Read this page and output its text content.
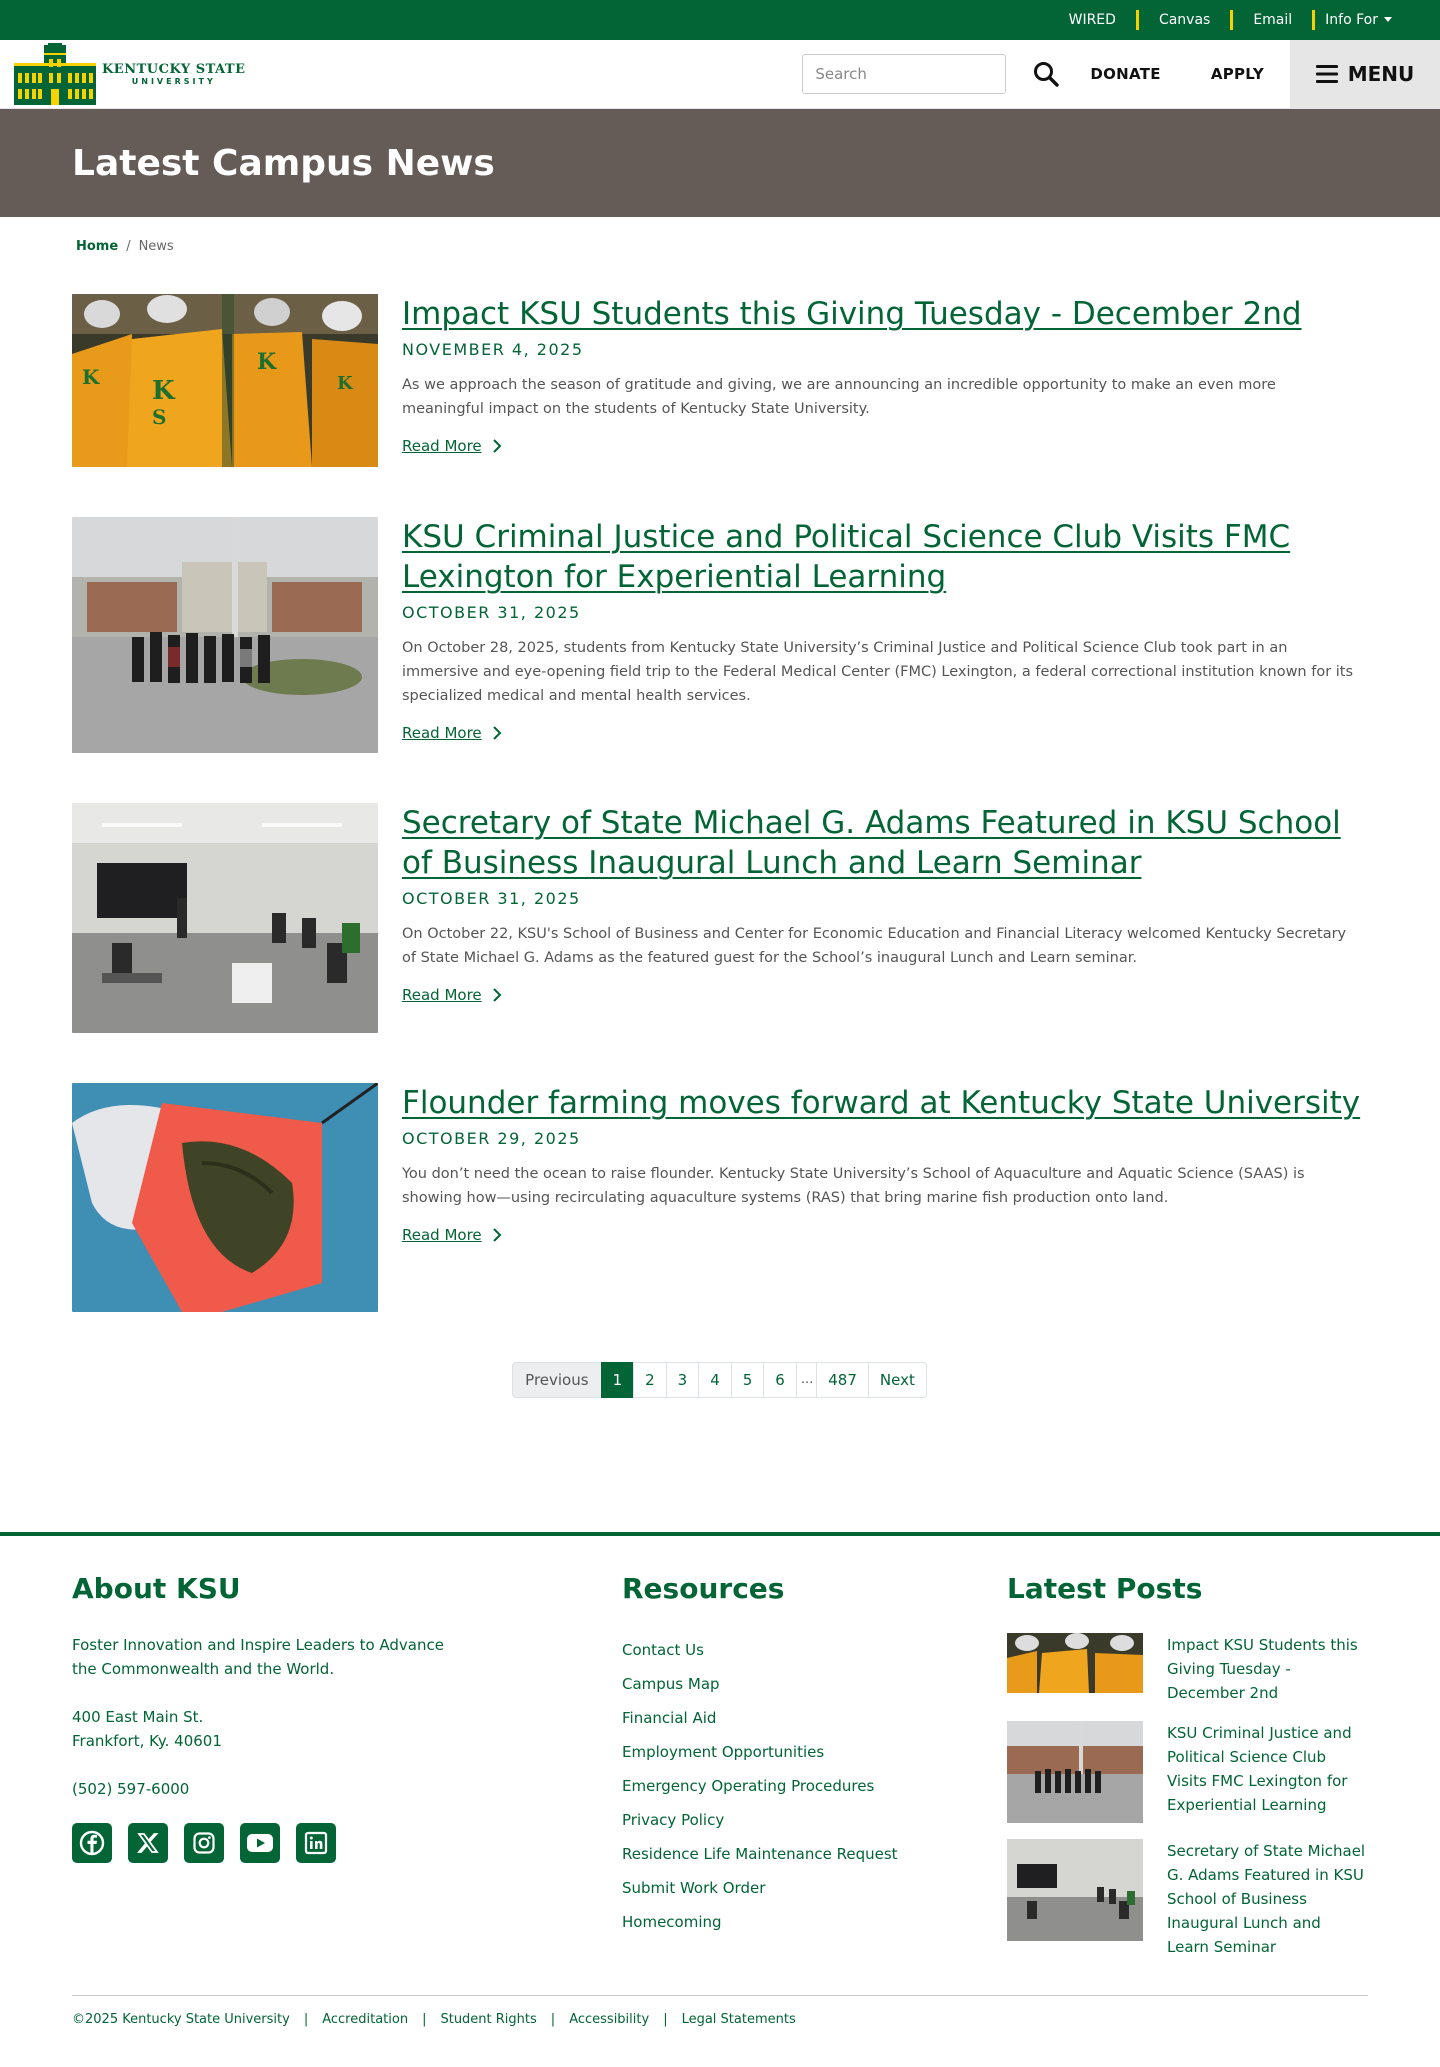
WIRED	Canvas	Email	Info For
KENTUCKY STATE
UNIVERSITY
Search	DONATE	APPLY	MENU
Latest Campus News
Home / News
K
S
K
K	K
Impact KSU Students this Giving Tuesday - December 2nd
NOVEMBER 4, 2025

As we approach the season of gratitude and giving, we are announcing an incredible opportunity to make an even more meaningful impact on the students of Kentucky State University.

Read More
KSU Criminal Justice and Political Science Club Visits FMC Lexington for Experiential Learning
OCTOBER 31, 2025

On October 28, 2025, students from Kentucky State University’s Criminal Justice and Political Science Club took part in an immersive and eye-opening field trip to the Federal Medical Center (FMC) Lexington, a federal correctional institution known for its specialized medical and mental health services.

Read More
Secretary of State Michael G. Adams Featured in KSU School of Business Inaugural Lunch and Learn Seminar
OCTOBER 31, 2025

On October 22, KSU's School of Business and Center for Economic Education and Financial Literacy welcomed Kentucky Secretary of State Michael G. Adams as the featured guest for the School’s inaugural Lunch and Learn seminar.

Read More
Flounder farming moves forward at Kentucky State University
OCTOBER 29, 2025

You don’t need the ocean to raise flounder. Kentucky State University’s School of Aquaculture and Aquatic Science (SAAS) is showing how—using recirculating aquaculture systems (RAS) that bring marine fish production onto land.

Read More
Previous	1	2	3	4	5	6	...	487	Next
About KSU

Foster Innovation and Inspire Leaders to Advance the Commonwealth and the World.

400 East Main St.
Frankfort, Ky. 40601

(502) 597-6000

Resources
Contact Us
Campus Map
Financial Aid
Employment Opportunities
Emergency Operating Procedures
Privacy Policy
Residence Life Maintenance Request
Submit Work Order
Homecoming
Latest Posts
Impact KSU Students this Giving Tuesday - December 2nd
KSU Criminal Justice and Political Science Club Visits FMC Lexington for Experiential Learning
Secretary of State Michael G. Adams Featured in KSU School of Business Inaugural Lunch and Learn Seminar
©2025 Kentucky State University | Accreditation | Student Rights | Accessibility | Legal Statements
